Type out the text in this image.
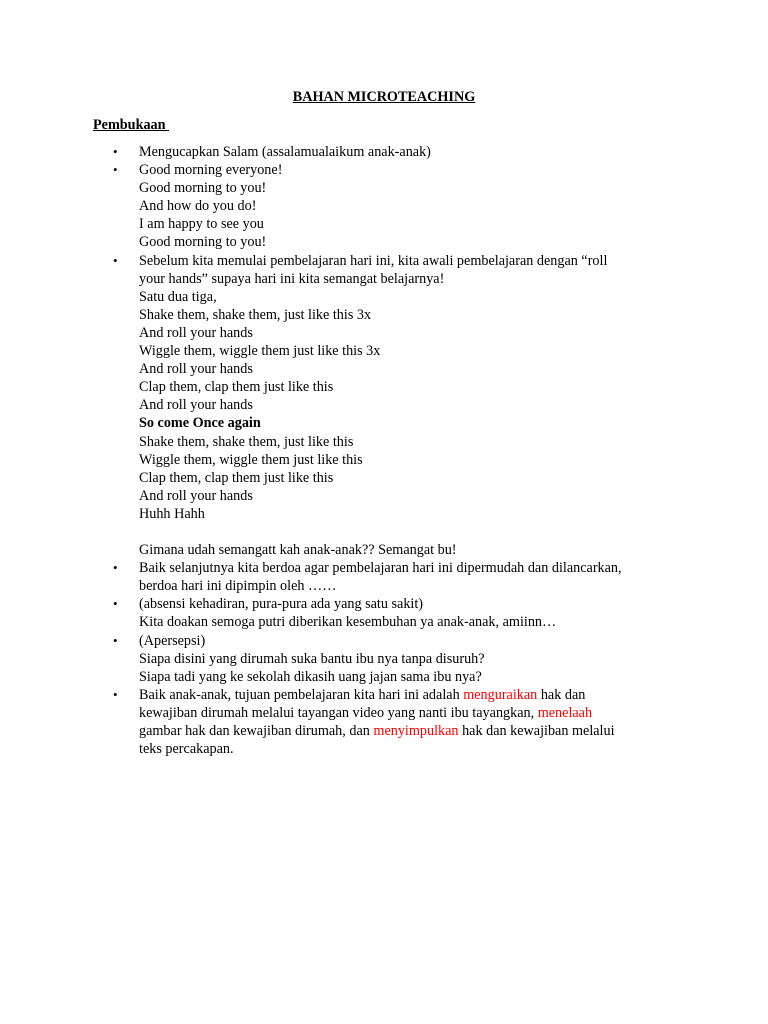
BAHAN MICROTEACHING
Pembukaan
• Mengucapkan Salam (assalamualaikum anak-anak)
• Good morning everyone!
Good morning to you!
And how do you do!
I am happy to see you
Good morning to you!
• Sebelum kita memulai pembelajaran hari ini, kita awali pembelajaran dengan “roll
your hands” supaya hari ini kita semangat belajarnya!
Satu dua tiga,
Shake them, shake them, just like this 3x
And roll your hands
Wiggle them, wiggle them just like this 3x
And roll your hands
Clap them, clap them just like this
And roll your hands
So come Once again
Shake them, shake them, just like this
Wiggle them, wiggle them just like this
Clap them, clap them just like this
And roll your hands
Huhh Hahh
Gimana udah semangatt kah anak-anak?? Semangat bu!
• Baik selanjutnya kita berdoa agar pembelajaran hari ini dipermudah dan dilancarkan,
berdoa hari ini dipimpin oleh ……
• (absensi kehadiran, pura-pura ada yang satu sakit)
Kita doakan semoga putri diberikan kesembuhan ya anak-anak, amiinn…
• (Apersepsi)
Siapa disini yang dirumah suka bantu ibu nya tanpa disuruh?
Siapa tadi yang ke sekolah dikasih uang jajan sama ibu nya?
• Baik anak-anak, tujuan pembelajaran kita hari ini adalah menguraikan hak dan
kewajiban dirumah melalui tayangan video yang nanti ibu tayangkan, menelaah
gambar hak dan kewajiban dirumah, dan menyimpulkan hak dan kewajiban melalui
teks percakapan.
